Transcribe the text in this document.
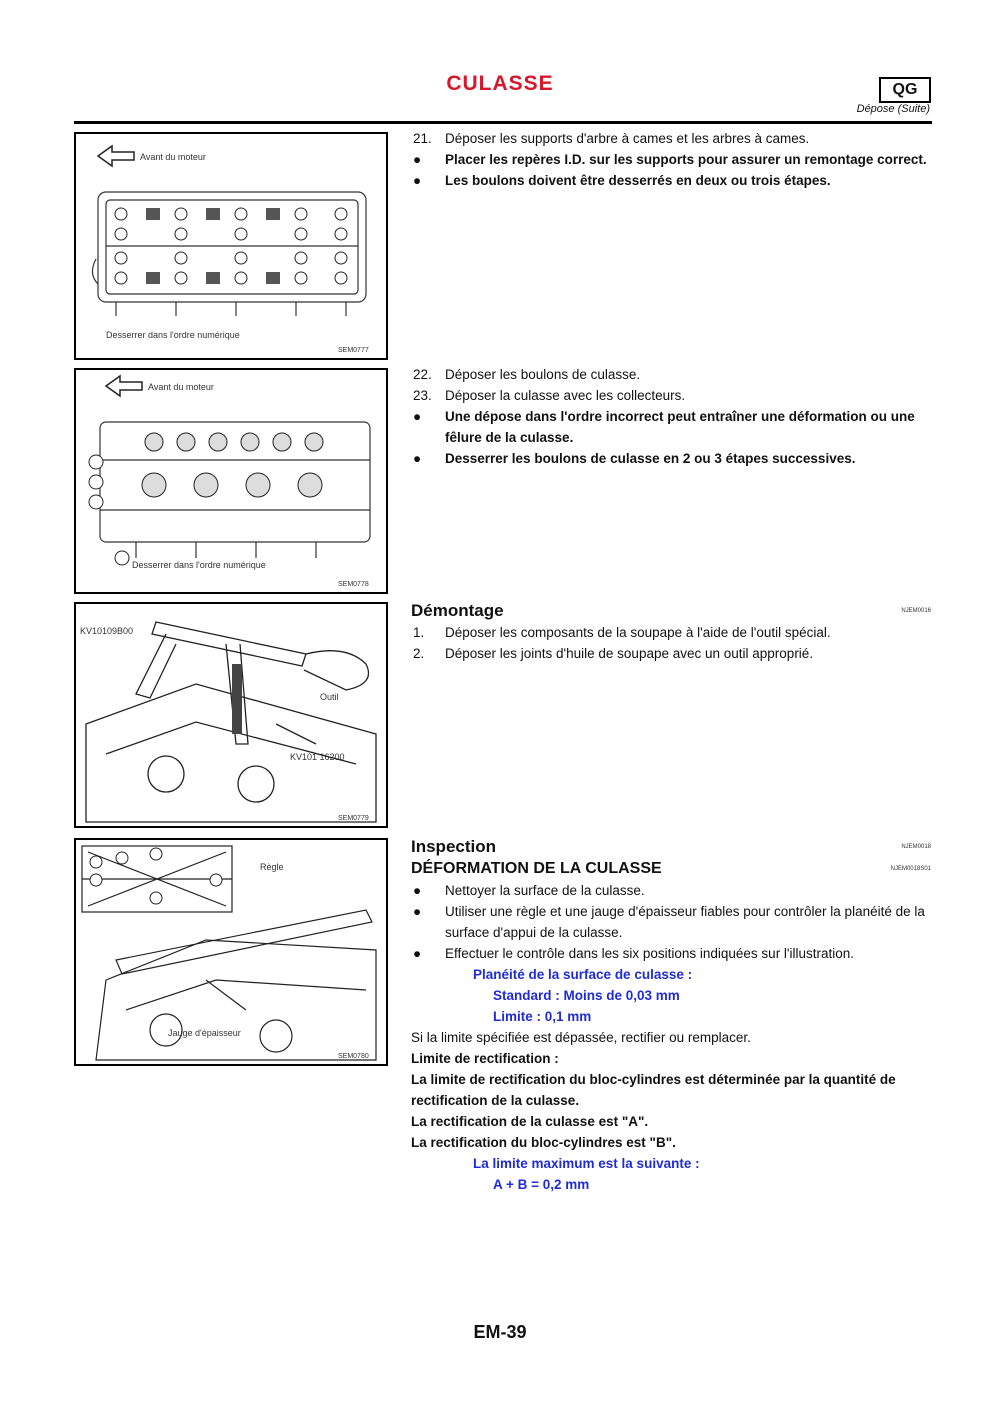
CULASSE	QG
Dépose (Suite)
Avant du moteur
Desserrer dans l'ordre numérique
SEM0777
Avant du moteur
Desserrer dans l'ordre numérique
SEM0778
KV10109B00
Outil
KV101 16200
SEM0779
Règle
Jauge d'épaisseur
SEM0780
21. Déposer les supports d'arbre à cames et les arbres à cames.
● Placer les repères I.D. sur les supports pour assurer un remontage correct.
● Les boulons doivent être desserrés en deux ou trois étapes.
22. Déposer les boulons de culasse.
23. Déposer la culasse avec les collecteurs.
● Une dépose dans l'ordre incorrect peut entraîner une déformation ou une fêlure de la culasse.
● Desserrer les boulons de culasse en 2 ou 3 étapes successives.
Démontage	NJEM0016
1. Déposer les composants de la soupape à l'aide de l'outil spécial.
2. Déposer les joints d'huile de soupape avec un outil approprié.
Inspection	NJEM0018
DÉFORMATION DE LA CULASSE	NJEM0018S01
● Nettoyer la surface de la culasse.
● Utiliser une règle et une jauge d'épaisseur fiables pour contrôler la planéité de la surface d'appui de la culasse.
● Effectuer le contrôle dans les six positions indiquées sur l'illustration.
Planéité de la surface de culasse :
Standard : Moins de 0,03 mm
Limite : 0,1 mm
Si la limite spécifiée est dépassée, rectifier ou remplacer.
Limite de rectification :
La limite de rectification du bloc-cylindres est déterminée par la quantité de rectification de la culasse.
La rectification de la culasse est "A".
La rectification du bloc-cylindres est "B".
La limite maximum est la suivante :
A + B = 0,2 mm
EM-39
